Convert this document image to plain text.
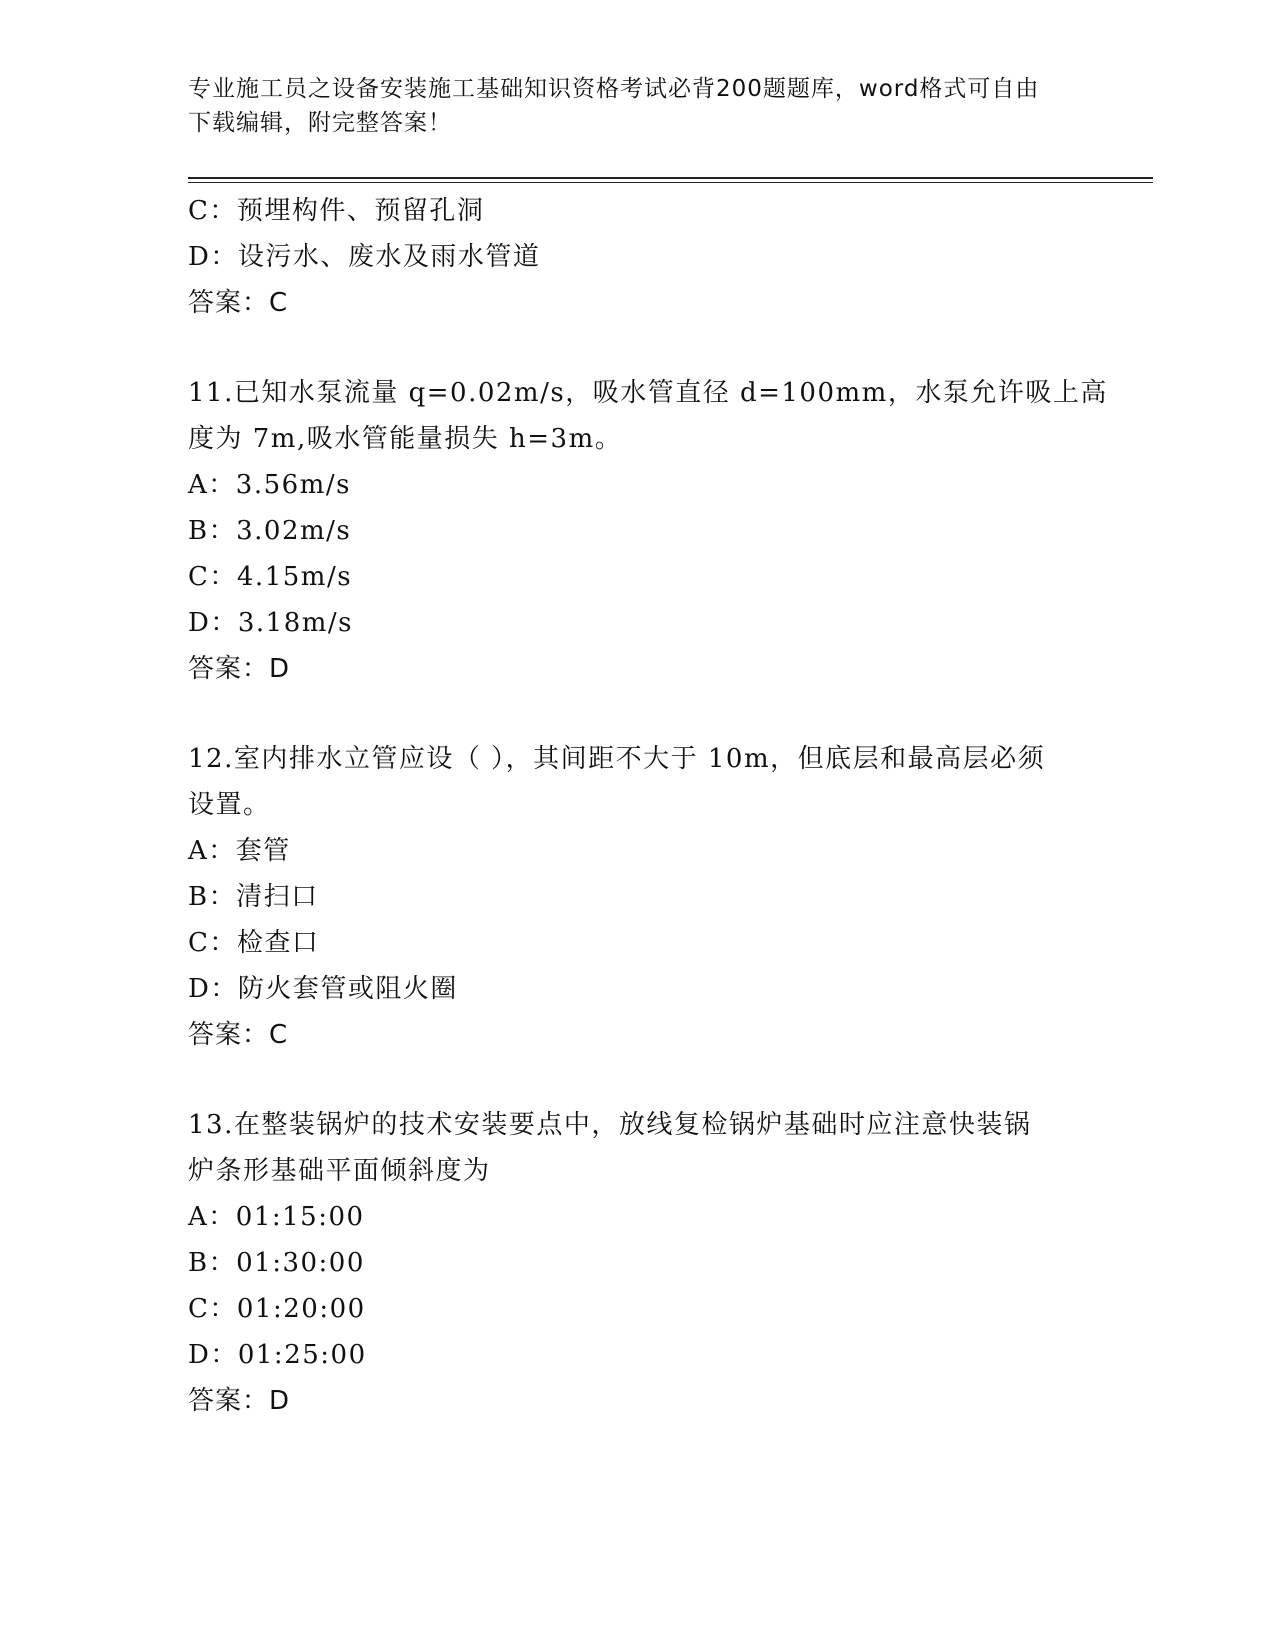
专业施工员之设备安装施工基础知识资格考试必背200题题库，word格式可自由

下载编辑，附完整答案！

C：预埋构件、预留孔洞
D：设污水、废水及雨水管道
答案：C
11.已知水泵流量 q=0.02m/s，吸水管直径 d=100mm，水泵允许吸上高
度为 7m,吸水管能量损失 h=3m。
A：3.56m/s
B：3.02m/s
C：4.15m/s
D：3.18m/s
答案：D
12.室内排水立管应设（ ），其间距不大于 10m，但底层和最高层必须
设置。
A：套管
B：清扫口
C：检查口
D：防火套管或阻火圈
答案：C
13.在整装锅炉的技术安装要点中，放线复检锅炉基础时应注意快装锅
炉条形基础平面倾斜度为
A：01:15:00
B：01:30:00
C：01:20:00
D：01:25:00
答案：D
